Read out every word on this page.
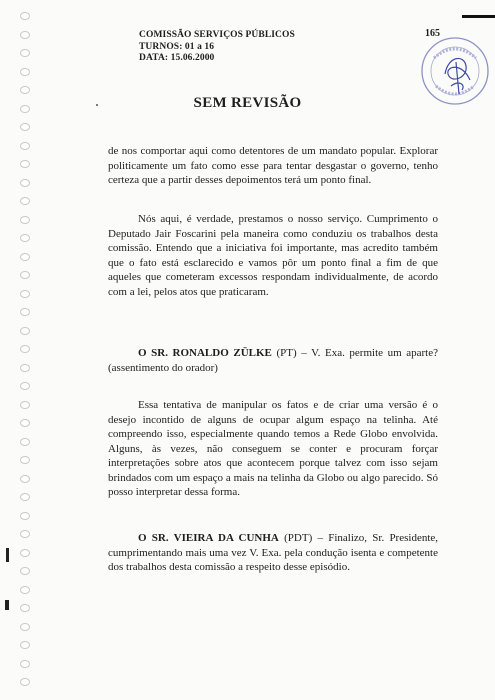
COMISSÃO SERVIÇOS PÚBLICOS
TURNOS: 01 a 16
DATA: 15.06.2000
165
SEM REVISÃO

de nos comportar aqui como detentores de um mandato popular. Explorar politicamente um fato como esse para tentar desgastar o governo, tenho certeza que a partir desses depoimentos terá um ponto final.

Nós aqui, é verdade, prestamos o nosso serviço. Cumprimento o Deputado Jair Foscarini pela maneira como conduziu os trabalhos desta comissão. Entendo que a iniciativa foi importante, mas acredito também que o fato está esclarecido e vamos pôr um ponto final a fim de que aqueles que cometeram excessos respondam individualmente, de acordo com a lei, pelos atos que praticaram.

O SR. RONALDO ZÜLKE (PT) – V. Exa. permite um aparte? (assentimento do orador)

Essa tentativa de manipular os fatos e de criar uma versão é o desejo incontido de alguns de ocupar algum espaço na telinha. Até compreendo isso, especialmente quando temos a Rede Globo envolvida. Alguns, às vezes, não conseguem se conter e procuram forçar interpretações sobre atos que acontecem porque talvez com isso sejam brindados com um espaço a mais na telinha da Globo ou algo parecido. Só posso interpretar dessa forma.

O SR. VIEIRA DA CUNHA (PDT) – Finalizo, Sr. Presidente, cumprimentando mais uma vez V. Exa. pela condução isenta e competente dos trabalhos desta comissão a respeito desse episódio.
